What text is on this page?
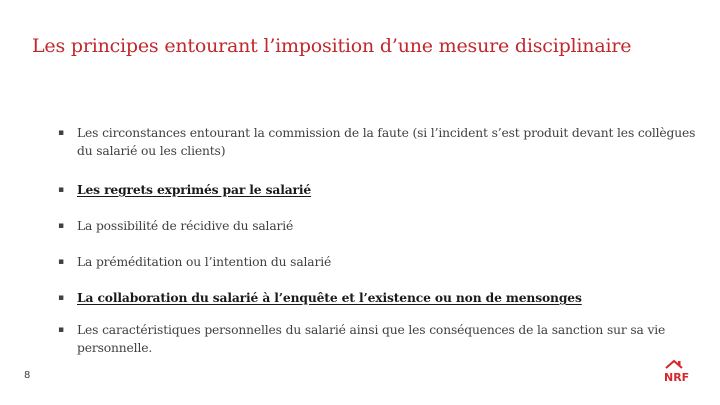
Les principes entourant l’imposition d’une mesure disciplinaire
▪ Les circonstances entourant la commission de la faute (si l’incident s’est produit devant les collègues du salarié ou les clients)
▪ Les regrets exprimés par le salarié
▪ La possibilité de récidive du salarié
▪ La préméditation ou l’intention du salarié
▪ La collaboration du salarié à l’enquête et l’existence ou non de mensonges
▪ Les caractéristiques personnelles du salarié ainsi que les conséquences de la sanction sur sa vie personnelle.
8	NRF
